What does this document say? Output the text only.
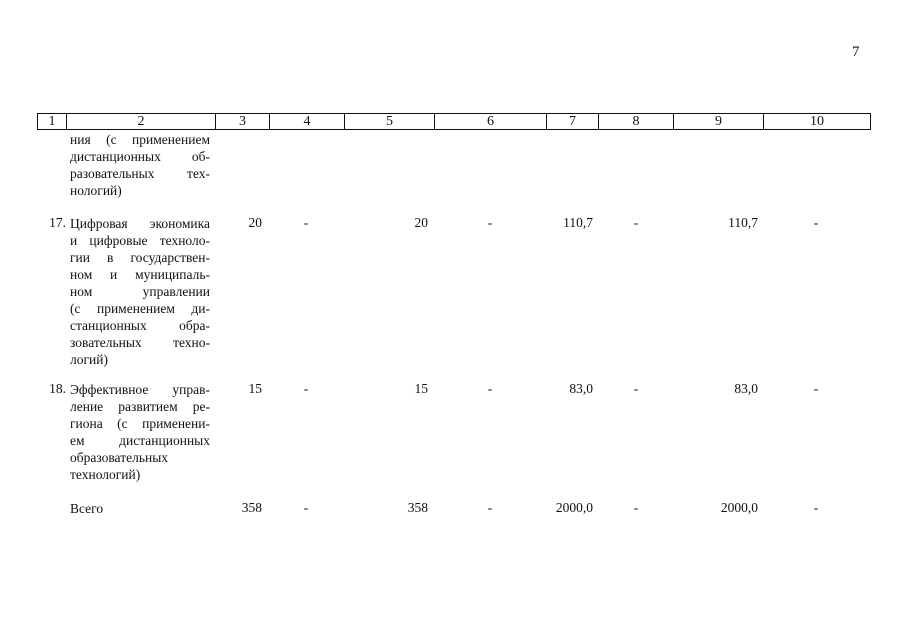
7
1	2	3	4	5	6	7	8	9	10
ния (с применением
дистанционных об-
разовательных тех-
нологий)
17. Цифровая экономика
и цифровые техноло-
гии в государствен-
ном и муниципаль-
ном управлении
(с применением ди-
станционных обра-
зовательных техно-
логий)
20	-	20	-	110,7	-	110,7	-
18. Эффективное управ-
ление развитием ре-
гиона (с применени-
ем дистанционных
образовательных
технологий)
15	-	15	-	83,0	-	83,0	-
Всего	358	-	358	-	2000,0	-	2000,0	-
